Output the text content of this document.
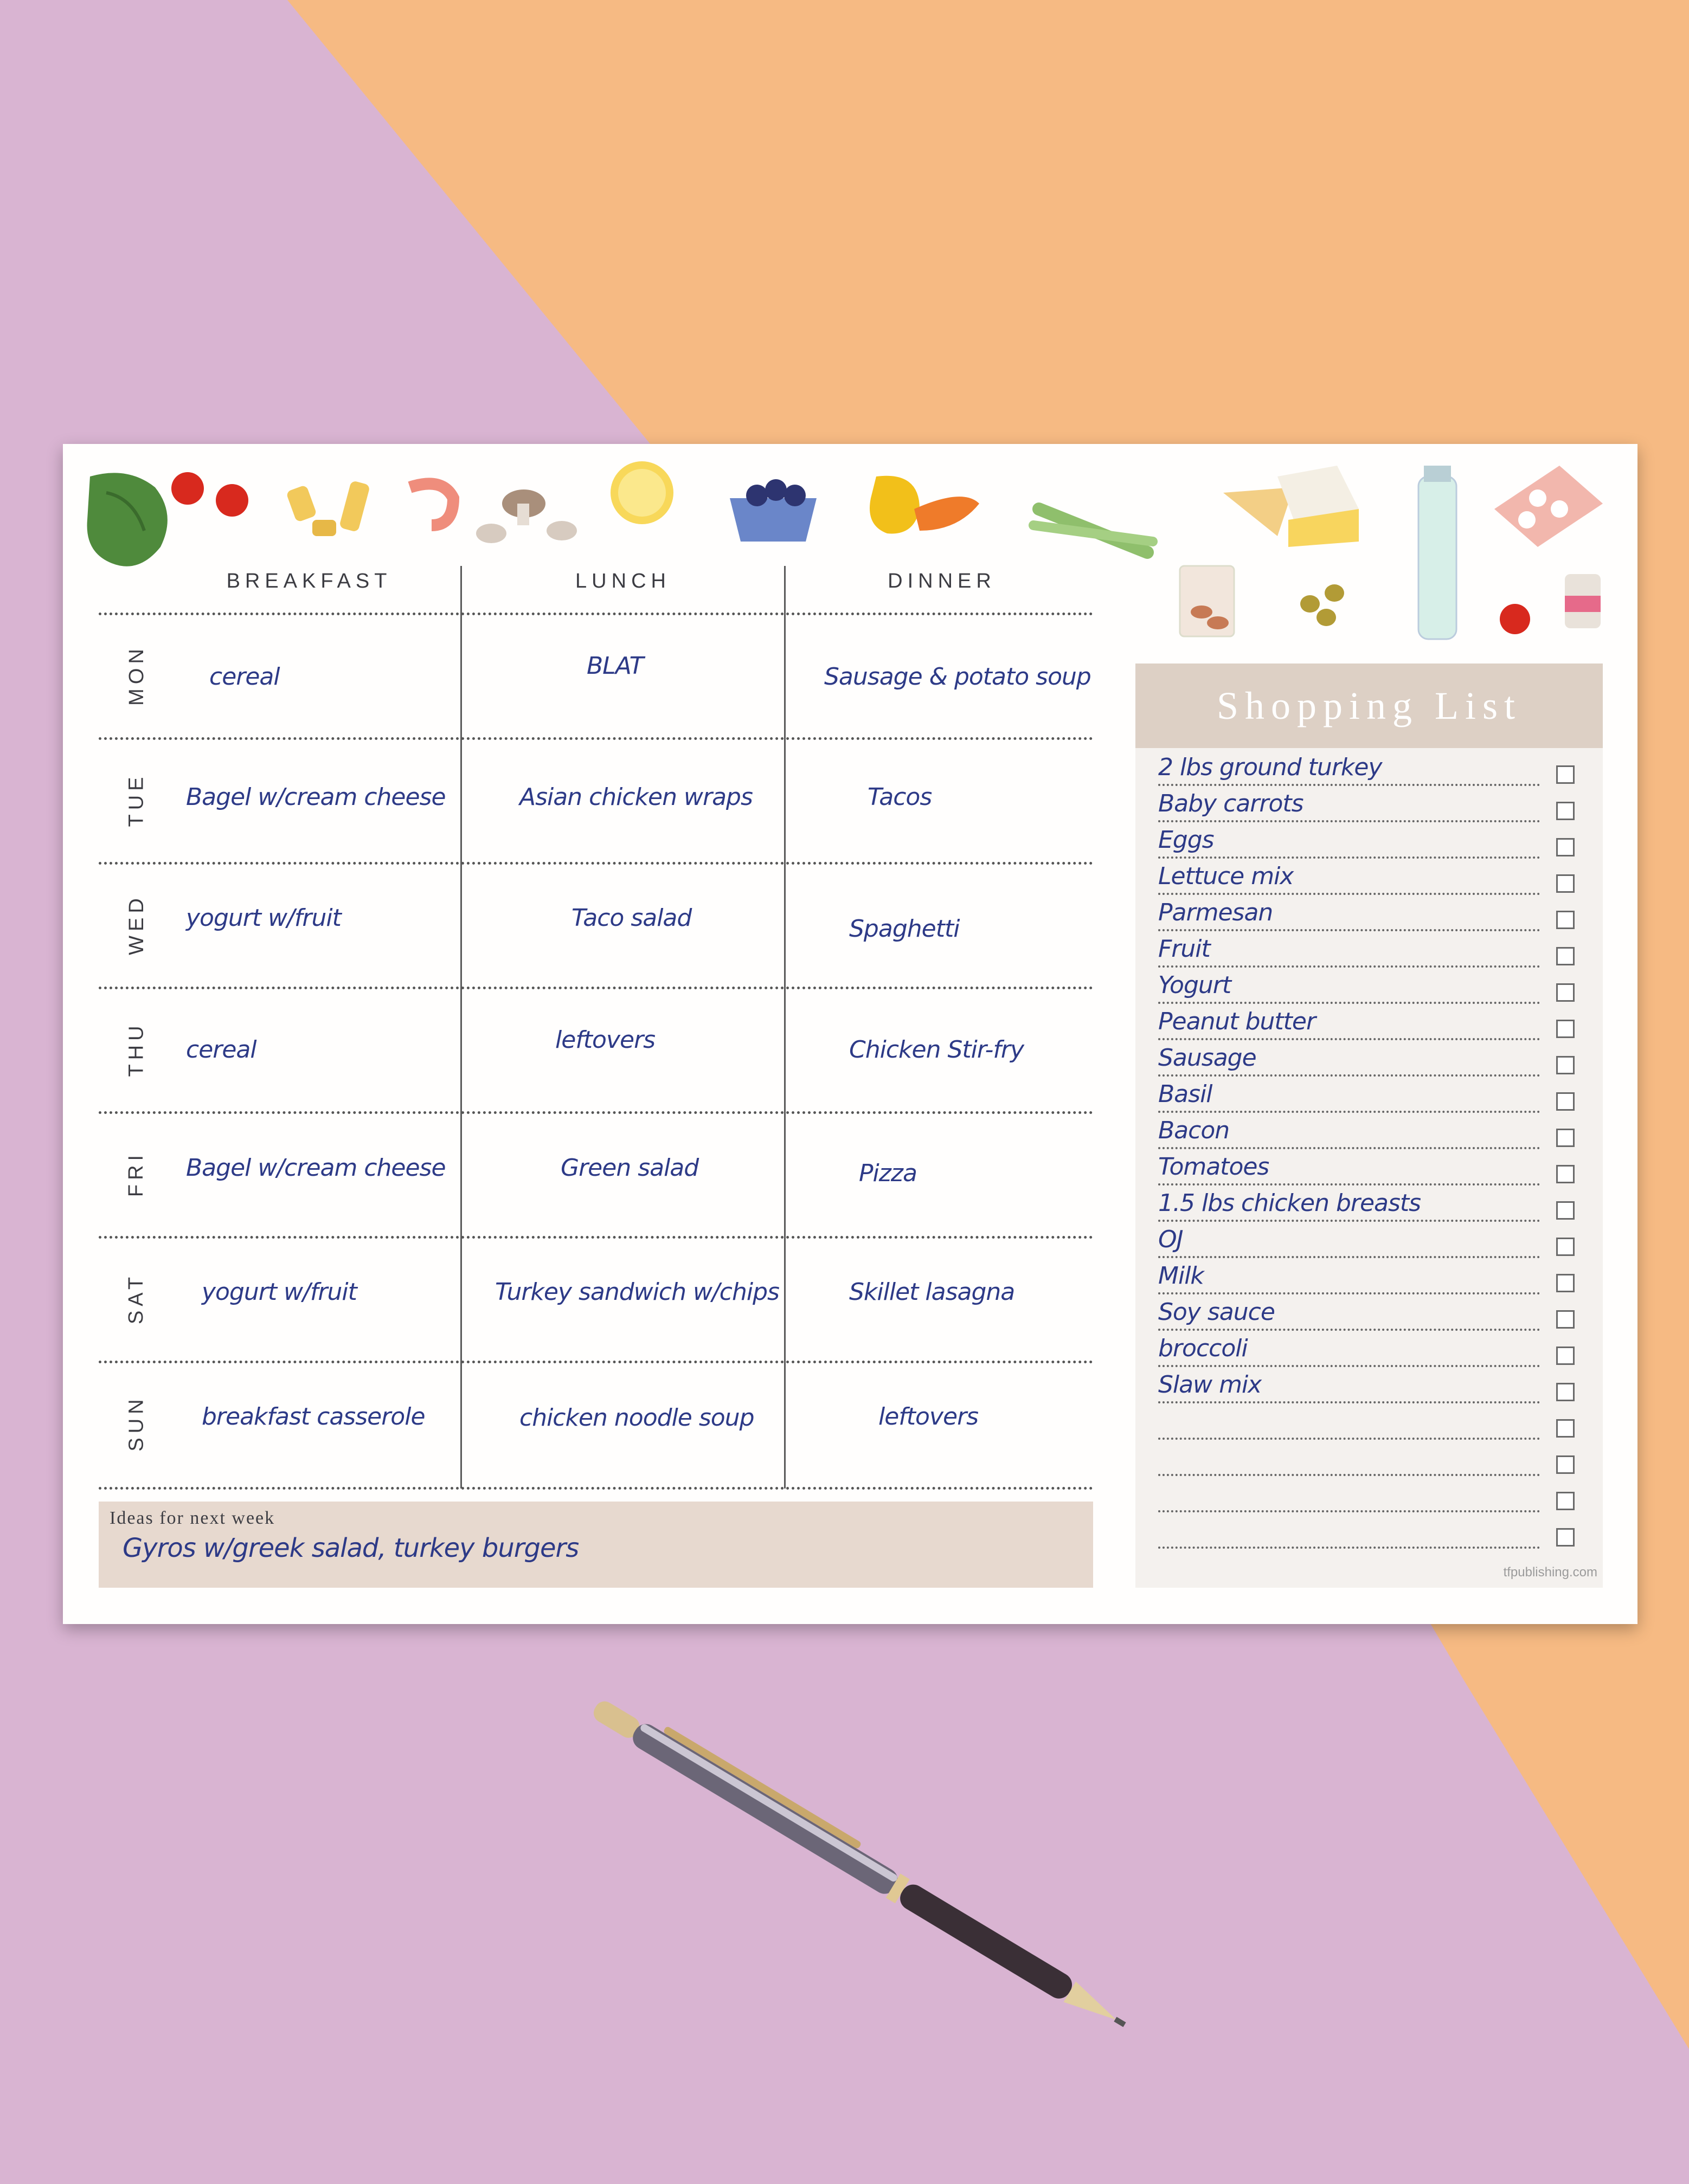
BREAKFAST	LUNCH	DINNER
MON	cereal	BLAT	Sausage & potato soup
TUE Bagel w/cream cheese	Asian chicken wraps	Tacos
WED yogurt w/fruit	Taco salad	Spaghetti
THU cereal	leftovers	Chicken Stir-fry
FRI Bagel w/cream cheese	Green salad	Pizza
SAT yogurt w/fruit	Turkey sandwich w/chips	Skillet lasagna
SUN breakfast casserole	chicken noodle soup	leftovers
Ideas for next week
Gyros w/greek salad, turkey burgers
Shopping List
2 lbs ground turkey
Baby carrots
Eggs
Lettuce mix
Parmesan
Fruit
Yogurt
Peanut butter
Sausage
Basil
Bacon
Tomatoes
1.5 lbs chicken breasts
OJ
Milk
Soy sauce
broccoli
Slaw mix
tfpublishing.com
